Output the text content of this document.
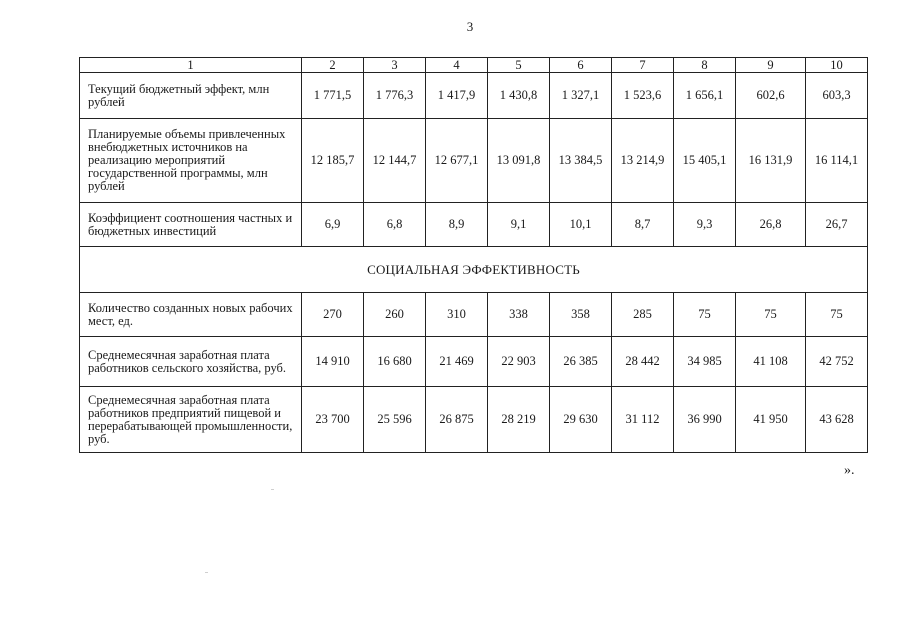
3
1	2	3	4	5	6	7	8	9	10
Текущий бюджетный эффект, млн рублей	1 771,5	1 776,3	1 417,9	1 430,8	1 327,1	1 523,6	1 656,1	602,6	603,3
Планируемые объемы привлеченных внебюджетных источников на реализацию мероприятий государственной программы, млн рублей	12 185,7	12 144,7	12 677,1	13 091,8	13 384,5	13 214,9	15 405,1	16 131,9	16 114,1
Коэффициент соотношения частных и бюджетных инвестиций	6,9	6,8	8,9	9,1	10,1	8,7	9,3	26,8	26,7
СОЦИАЛЬНАЯ ЭФФЕКТИВНОСТЬ									
Количество созданных новых рабочих мест, ед.	270	260	310	338	358	285	75	75	75
Среднемесячная заработная плата работников сельского хозяйства, руб.	14 910	16 680	21 469	22 903	26 385	28 442	34 985	41 108	42 752
Среднемесячная заработная плата работников предприятий пищевой и перерабатывающей промышленности, руб.	23 700	25 596	26 875	28 219	29 630	31 112	36 990	41 950	43 628
».
